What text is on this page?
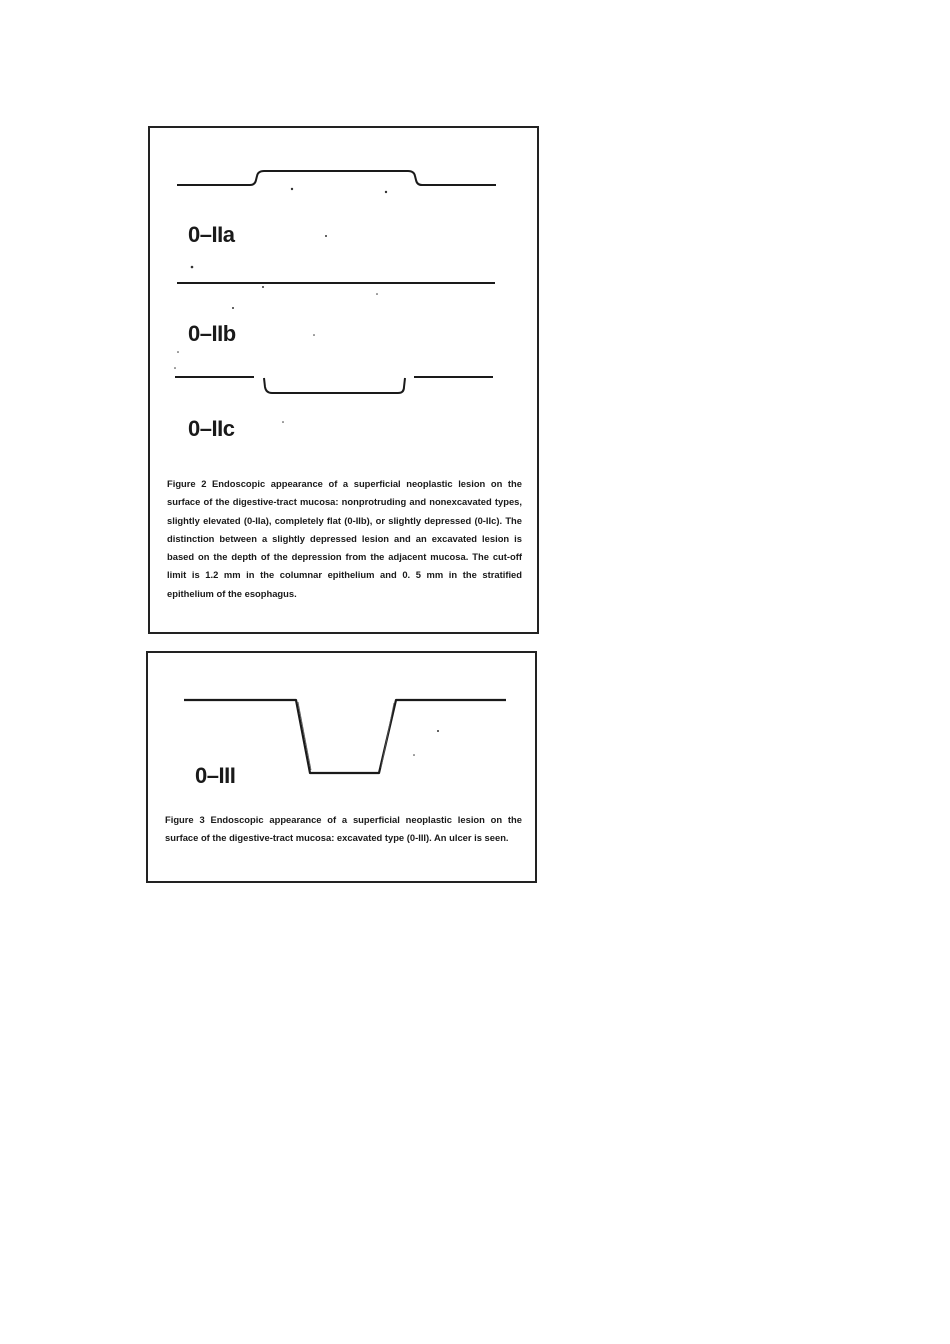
0–IIa

0–IIb

0–IIc

Figure 2 Endoscopic appearance of a superficial neoplastic lesion on the surface of the digestive-tract mucosa: nonprotruding and nonexcavated types, slightly elevated (0-IIa), completely flat (0-IIb), or slightly depressed (0-IIc). The distinction between a slightly depressed lesion and an excavated lesion is based on the depth of the depression from the adjacent mucosa. The cut-off limit is 1.2 mm in the columnar epithelium and 0. 5 mm in the stratified epithelium of the esophagus.

0–III

Figure 3 Endoscopic appearance of a superficial neoplastic lesion on the surface of the digestive-tract mucosa: excavated type (0-III). An ulcer is seen.
